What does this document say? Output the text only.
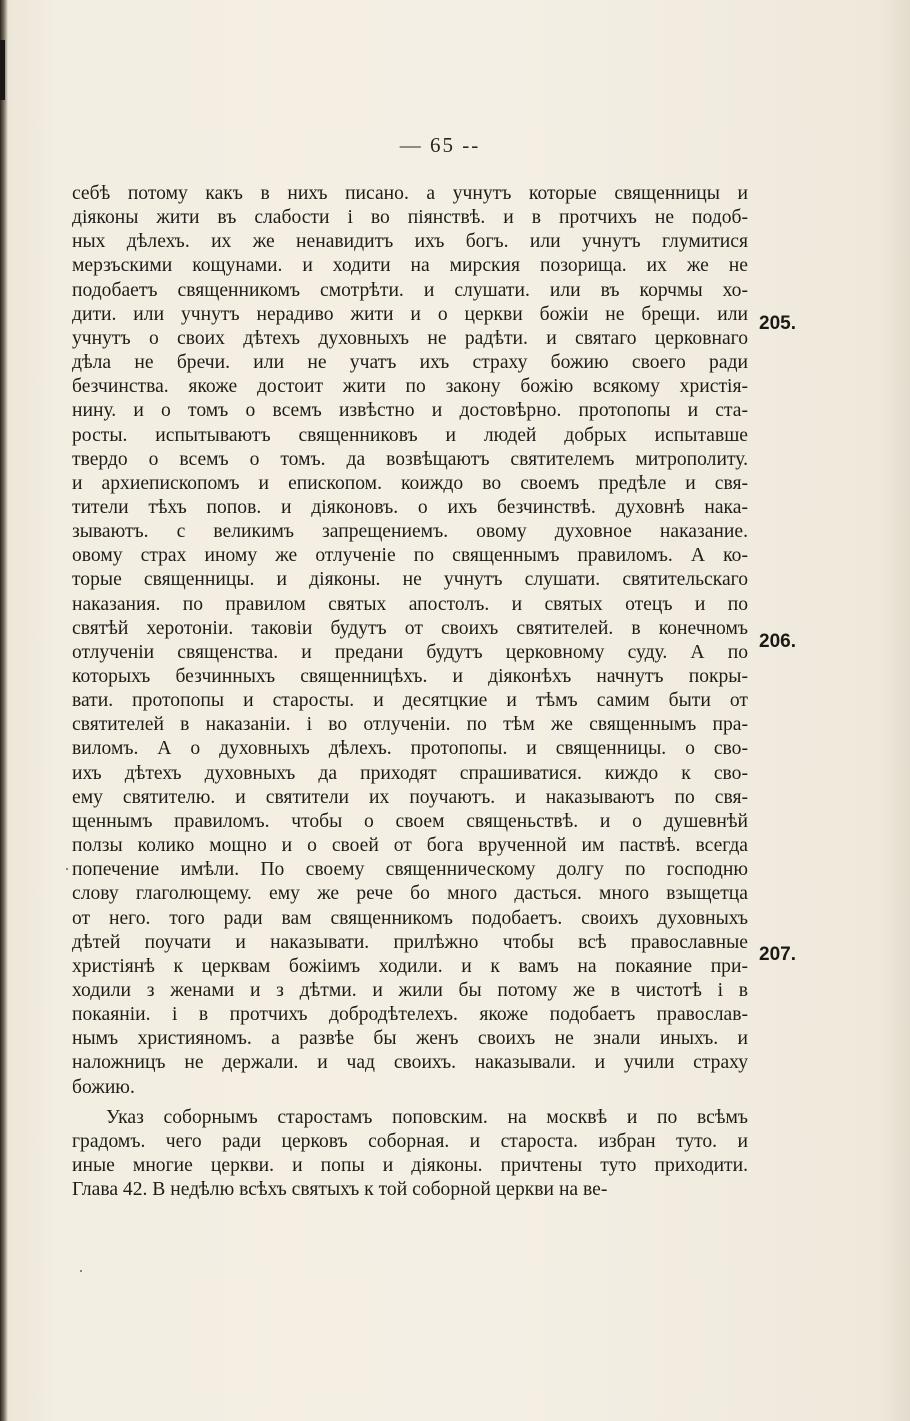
— 65 --
себѣ потому какъ в нихъ писано. а учнутъ которые священницы и
діяконы жити въ слабости і во піянствѣ. и в протчихъ не подоб-
ных дѣлехъ. их же ненавидитъ ихъ богъ. или учнутъ глумитися
мерзъскими кощунами. и ходити на мирския позорища. их же не
подобаетъ священникомъ смотрѣти. и слушати. или въ корчмы хо-
дити. или учнутъ нерадиво жити и о церкви божіи не брещи. или
учнутъ о своих дѣтехъ духовныхъ не радѣти. и святаго церковнаго
дѣла не бречи. или не учатъ ихъ страху божию своего ради
безчинства. якоже достоит жити по закону божію всякому христія-
нину. и о томъ о всемъ извѣстно и достовѣрно. протопопы и ста-
росты. испытываютъ священниковъ и людей добрых испытавше
твердо о всемъ о томъ. да возвѣщаютъ святителемъ митрополиту.
и архиепископомъ и епископом. коиждо во своемъ предѣле и свя-
тители тѣхъ попов. и діяконовъ. о ихъ безчинствѣ. духовнѣ нака-
зываютъ. с великимъ запрещениемъ. овому духовное наказание.
овому страх иному же отлученіе по священнымъ правиломъ. А ко-
торые священницы. и діяконы. не учнутъ слушати. святительскаго
наказания. по правилом святых апостолъ. и святых отецъ и по
святѣй херотоніи. таковіи будутъ от своихъ святителей. в конечномъ
отлученіи священства. и предани будутъ церковному суду. А по
которыхъ безчинныхъ священницѣхъ. и діяконѣхъ начнутъ покры-
вати. протопопы и старосты. и десятцкие и тѣмъ самим быти от
святителей в наказаніи. і во отлученіи. по тѣм же священнымъ пра-
виломъ. А о духовныхъ дѣлехъ. протопопы. и священницы. о сво-
ихъ дѣтехъ духовныхъ да приходят спрашиватися. киждо к сво-
ему святителю. и святители их поучаютъ. и наказываютъ по свя-
щеннымъ правиломъ. чтобы о своем священьствѣ. и о душевнѣй
ползы колико мощно и о своей от бога врученной им паствѣ. всегда
попечение имѣли. По своему священническому долгу по господню
слову глаголющему. ему же рече бо много дасться. много взыщетца
от него. того ради вам священникомъ подобаетъ. своихъ духовныхъ
дѣтей поучати и наказывати. прилѣжно чтобы всѣ православные
христіянѣ к церквам божіимъ ходили. и к вамъ на покаяние при-
ходили з женами и з дѣтми. и жили бы потому же в чистотѣ і в
покаяніи. і в протчихъ добродѣтелехъ. якоже подобаетъ православ-
нымъ християномъ. а развѣе бы женъ своихъ не знали иныхъ. и
наложницъ не держали. и чад своихъ. наказывали. и учили страху
божию.
Указ соборнымъ старостамъ поповским. на москвѣ и по всѣмъ
градомъ. чего ради церковъ соборная. и староста. избран туто. и
иные многие церкви. и попы и діяконы. причтены туто приходити.
Глава 42. В недѣлю всѣхъ святыхъ к той соборной церкви на ве-
205.
206.
207.
